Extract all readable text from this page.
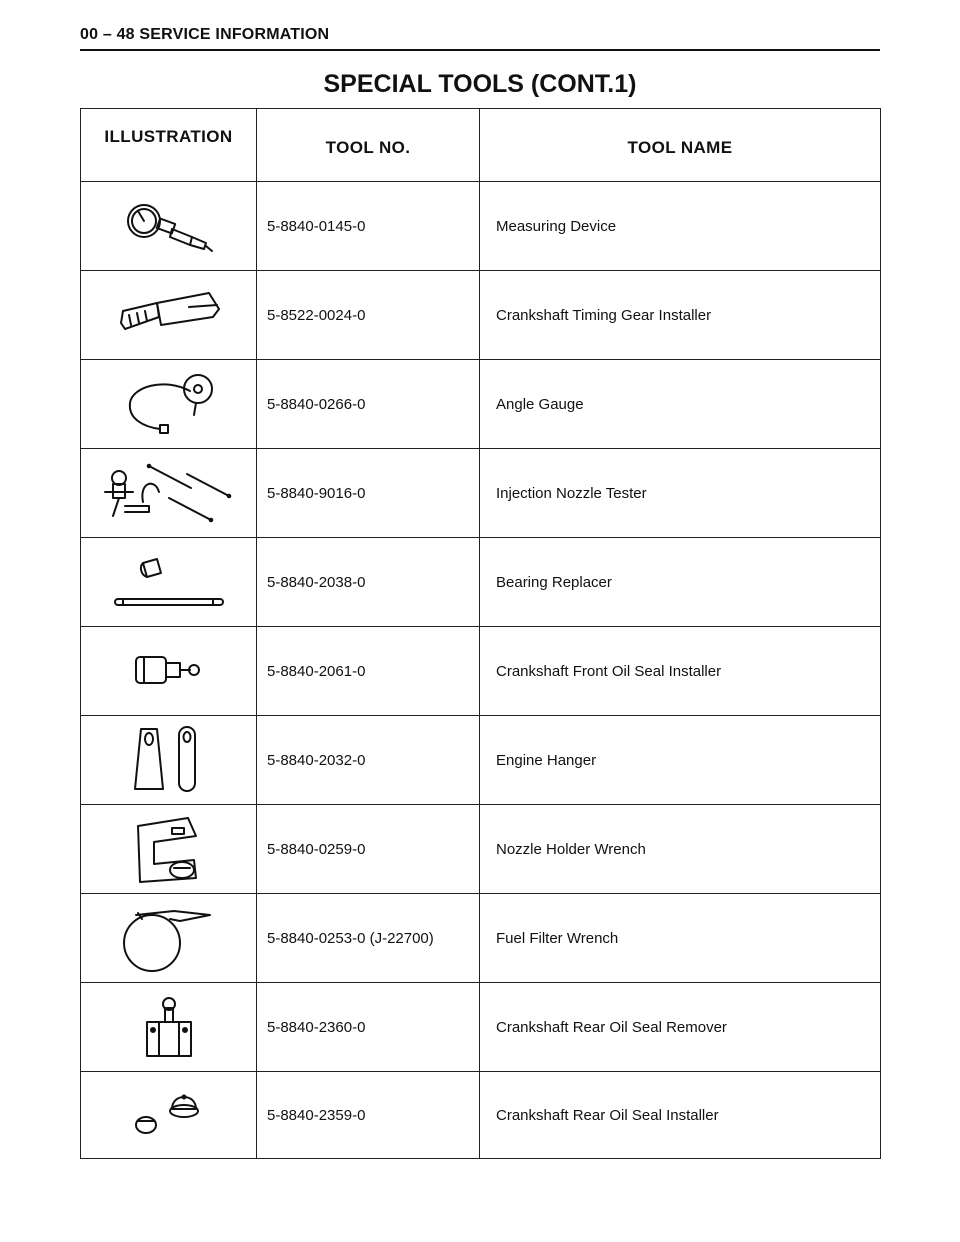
00 – 48 SERVICE INFORMATION
SPECIAL TOOLS (CONT.1)
ILLUSTRATION	TOOL NO.	TOOL NAME

	5-8840-0145-0	Measuring Device

	5-8522-0024-0	Crankshaft Timing Gear Installer

	5-8840-0266-0	Angle Gauge

	5-8840-9016-0	Injection Nozzle Tester

	5-8840-2038-0	Bearing Replacer

	5-8840-2061-0	Crankshaft Front Oil Seal Installer

	5-8840-2032-0	Engine Hanger

	5-8840-0259-0	Nozzle Holder Wrench

	5-8840-0253-0 (J-22700)	Fuel Filter Wrench

	5-8840-2360-0	Crankshaft Rear Oil Seal Remover

	5-8840-2359-0	Crankshaft Rear Oil Seal Installer
